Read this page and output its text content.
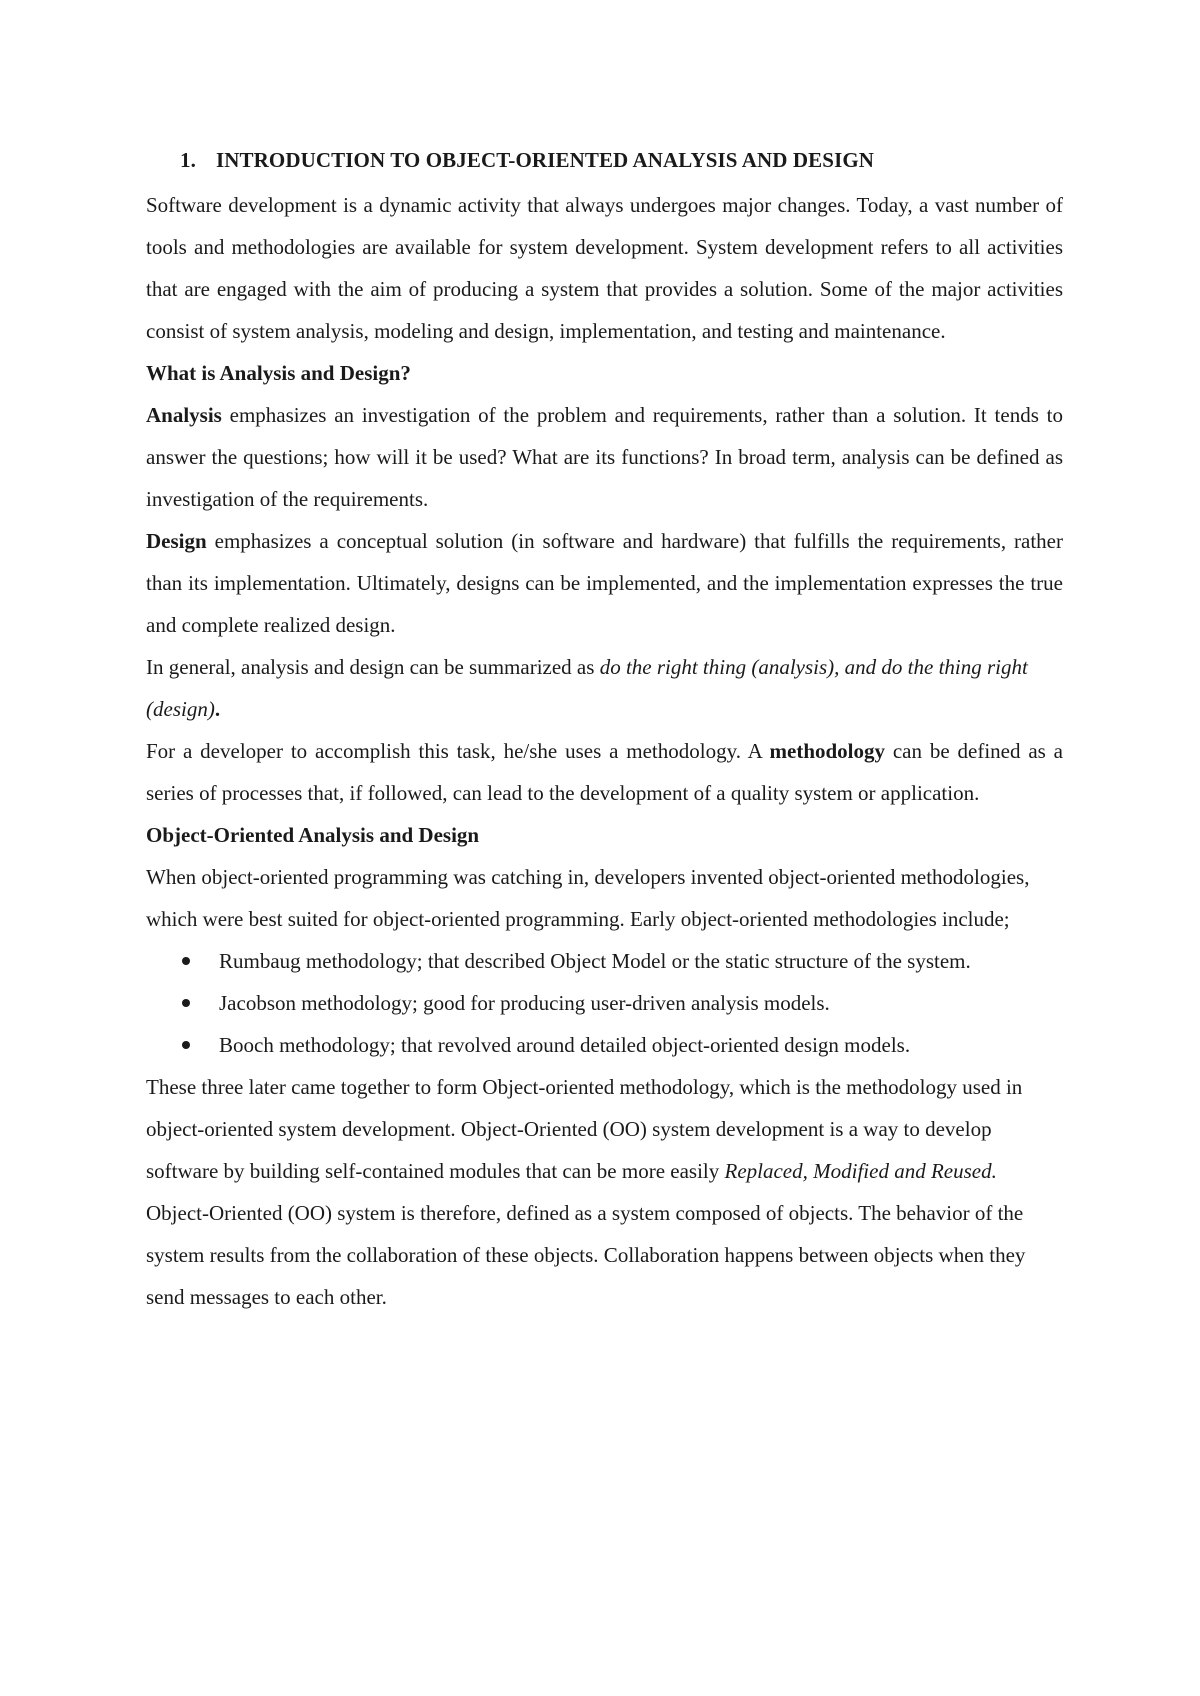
1. INTRODUCTION TO OBJECT-ORIENTED ANALYSIS AND DESIGN

Software development is a dynamic activity that always undergoes major changes. Today, a vast number of tools and methodologies are available for system development. System development refers to all activities that are engaged with the aim of producing a system that provides a solution. Some of the major activities consist of system analysis, modeling and design, implementation, and testing and maintenance.

What is Analysis and Design?

Analysis emphasizes an investigation of the problem and requirements, rather than a solution. It tends to answer the questions; how will it be used? What are its functions? In broad term, analysis can be defined as investigation of the requirements.

Design emphasizes a conceptual solution (in software and hardware) that fulfills the requirements, rather than its implementation. Ultimately, designs can be implemented, and the implementation expresses the true and complete realized design.

In general, analysis and design can be summarized as do the right thing (analysis), and do the thing right (design).

For a developer to accomplish this task, he/she uses a methodology. A methodology can be defined as a series of processes that, if followed, can lead to the development of a quality system or application.

Object-Oriented Analysis and Design

When object-oriented programming was catching in, developers invented object-oriented methodologies, which were best suited for object-oriented programming. Early object-oriented methodologies include;

Rumbaug methodology; that described Object Model or the static structure of the system.
Jacobson methodology; good for producing user-driven analysis models.
Booch methodology; that revolved around detailed object-oriented design models.

These three later came together to form Object-oriented methodology, which is the methodology used in object-oriented system development. Object-Oriented (OO) system development is a way to develop software by building self-contained modules that can be more easily Replaced, Modified and Reused. Object-Oriented (OO) system is therefore, defined as a system composed of objects. The behavior of the system results from the collaboration of these objects. Collaboration happens between objects when they send messages to each other.
